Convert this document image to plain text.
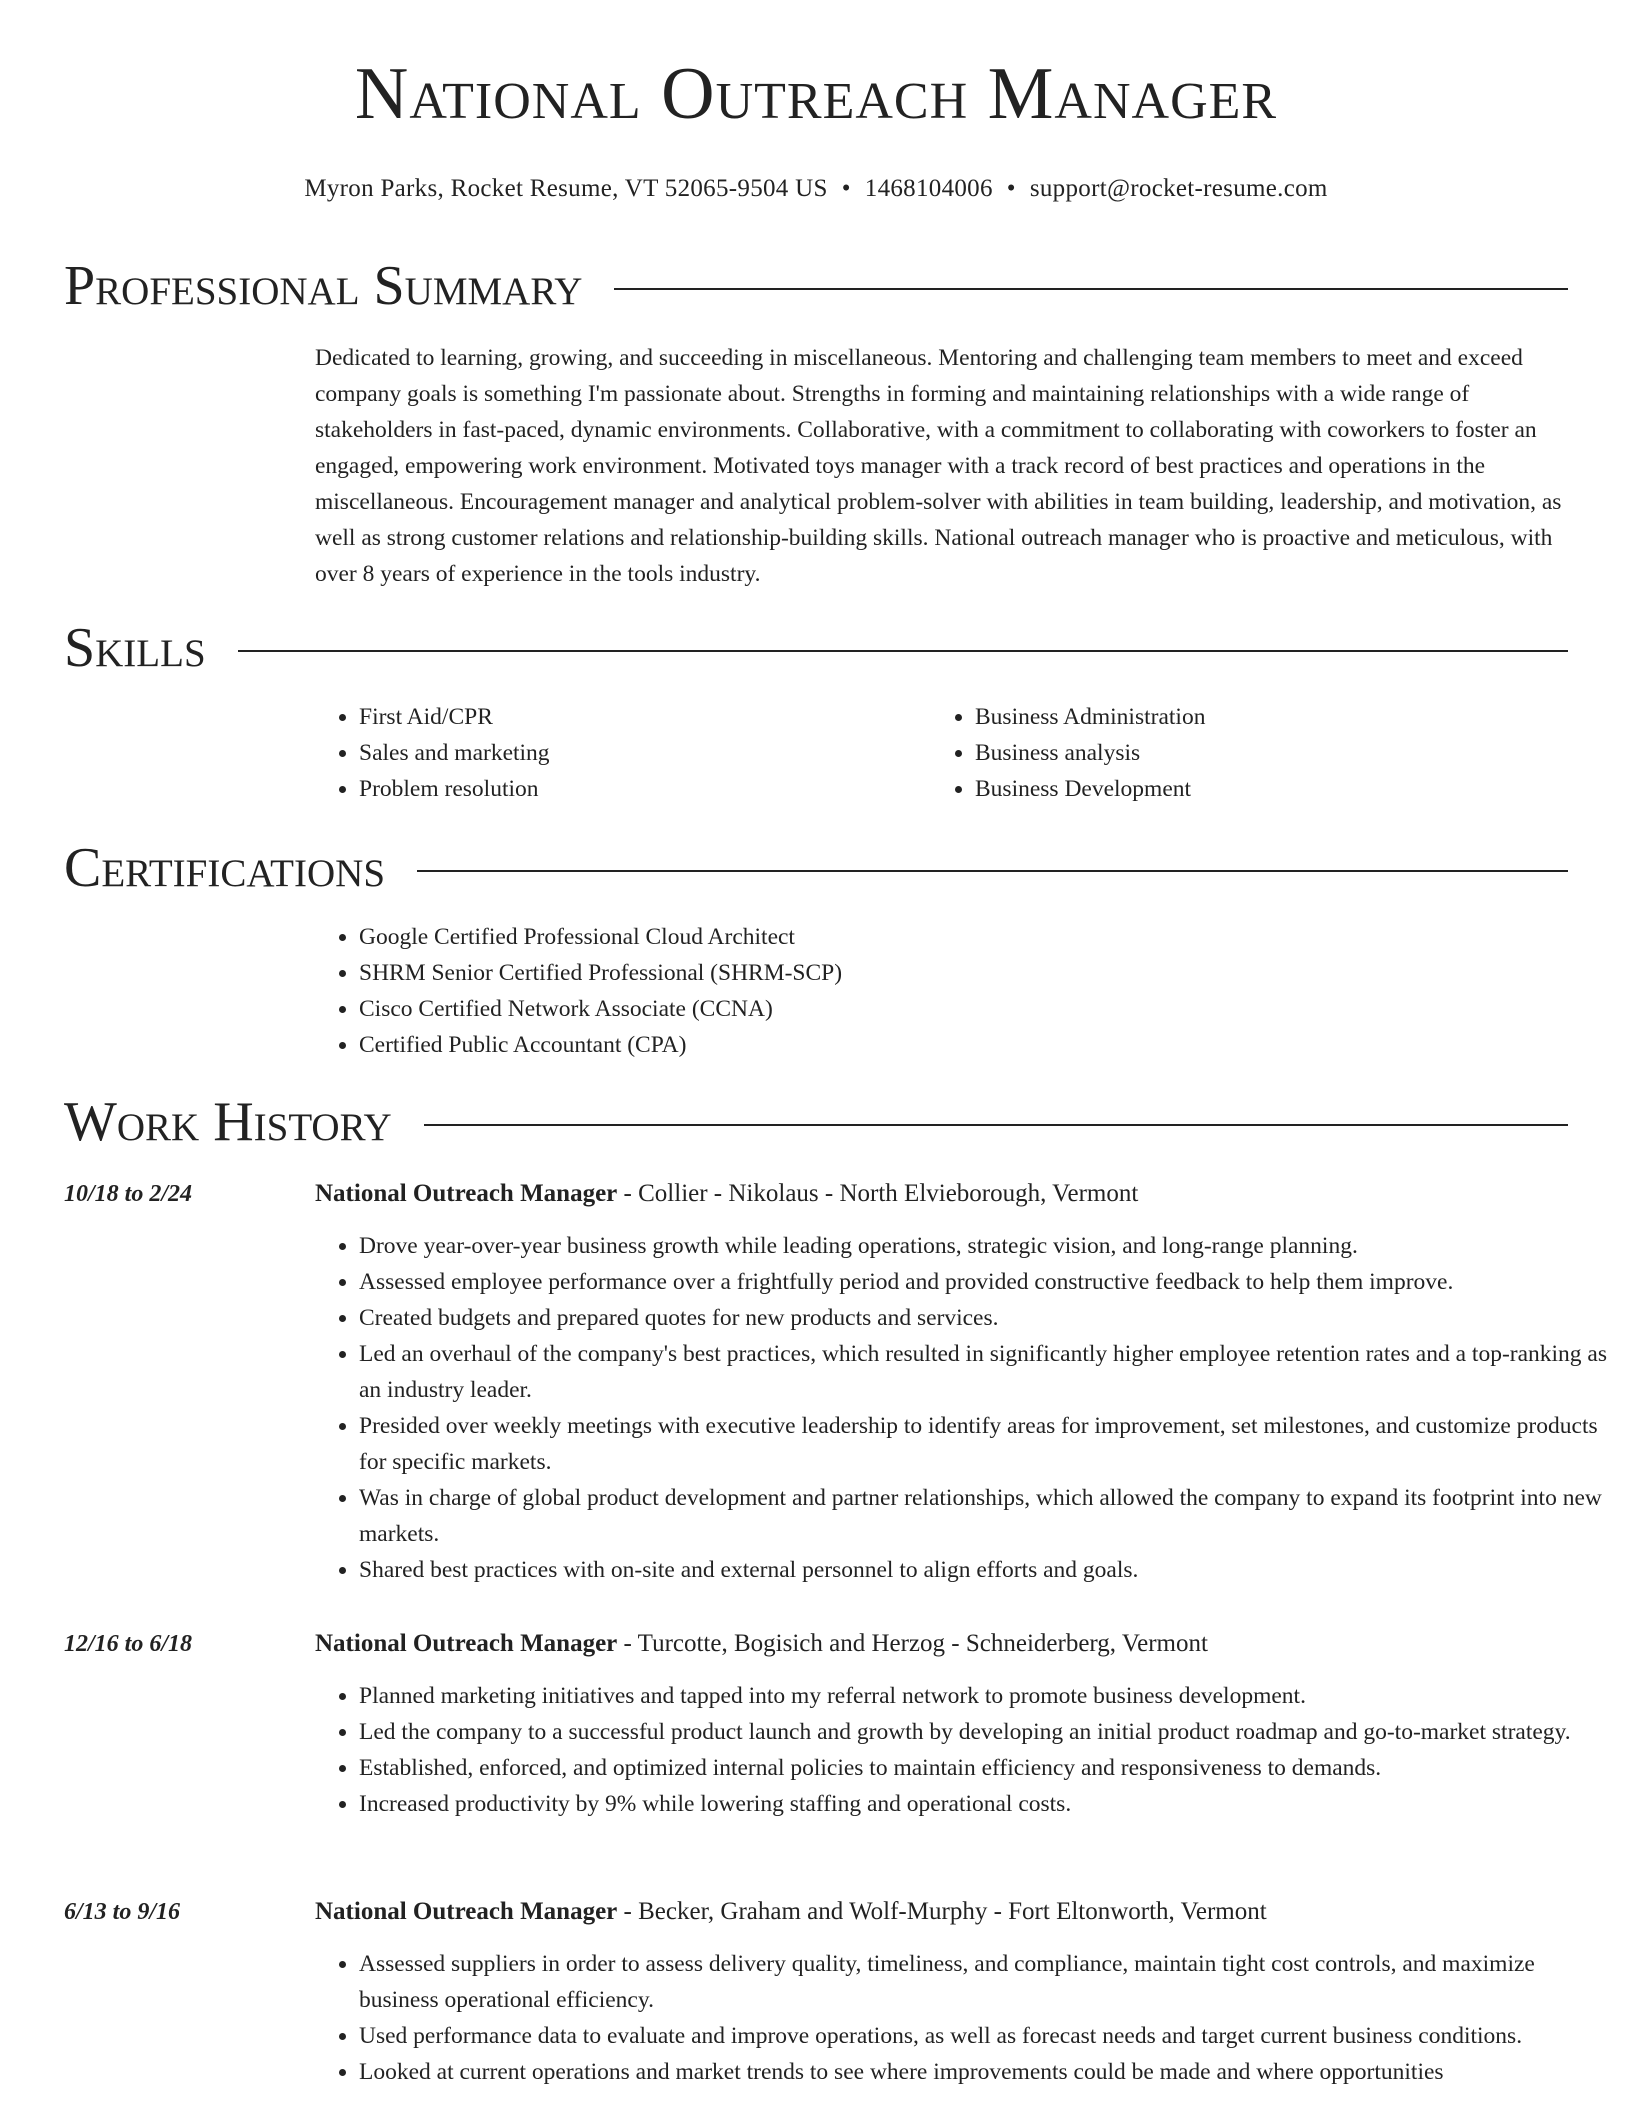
National Outreach Manager
Myron Parks, Rocket Resume, VT 52065-9504 US • 1468104006 • support@rocket-resume.com
Professional Summary

Dedicated to learning, growing, and succeeding in miscellaneous. Mentoring and challenging team members to meet and exceed company goals is something I'm passionate about. Strengths in forming and maintaining relationships with a wide range of stakeholders in fast-paced, dynamic environments. Collaborative, with a commitment to collaborating with coworkers to foster an engaged, empowering work environment. Motivated toys manager with a track record of best practices and operations in the miscellaneous. Encouragement manager and analytical problem-solver with abilities in team building, leadership, and motivation, as well as strong customer relations and relationship-building skills. National outreach manager who is proactive and meticulous, with over 8 years of experience in the tools industry.

Skills
• First Aid/CPR
• Sales and marketing
• Problem resolution
• Business Administration
• Business analysis
• Business Development
Certifications
• Google Certified Professional Cloud Architect
• SHRM Senior Certified Professional (SHRM-SCP)
• Cisco Certified Network Associate (CCNA)
• Certified Public Accountant (CPA)
Work History
10/18 to 2/24	National Outreach Manager - Collier - Nikolaus - North Elvieborough, Vermont
• Drove year-over-year business growth while leading operations, strategic vision, and long-range planning.
• Assessed employee performance over a frightfully period and provided constructive feedback to help them improve.
• Created budgets and prepared quotes for new products and services.
• Led an overhaul of the company's best practices, which resulted in significantly higher employee retention rates and a top-ranking as an industry leader.
• Presided over weekly meetings with executive leadership to identify areas for improvement, set milestones, and customize products for specific markets.
• Was in charge of global product development and partner relationships, which allowed the company to expand its footprint into new markets.
• Shared best practices with on-site and external personnel to align efforts and goals.
12/16 to 6/18	National Outreach Manager - Turcotte, Bogisich and Herzog - Schneiderberg, Vermont
• Planned marketing initiatives and tapped into my referral network to promote business development.
• Led the company to a successful product launch and growth by developing an initial product roadmap and go-to-market strategy.
• Established, enforced, and optimized internal policies to maintain efficiency and responsiveness to demands.
• Increased productivity by 9% while lowering staffing and operational costs.
6/13 to 9/16	National Outreach Manager - Becker, Graham and Wolf-Murphy - Fort Eltonworth, Vermont
• Assessed suppliers in order to assess delivery quality, timeliness, and compliance, maintain tight cost controls, and maximize business operational efficiency.
• Used performance data to evaluate and improve operations, as well as forecast needs and target current business conditions.
• Looked at current operations and market trends to see where improvements could be made and where opportunities
